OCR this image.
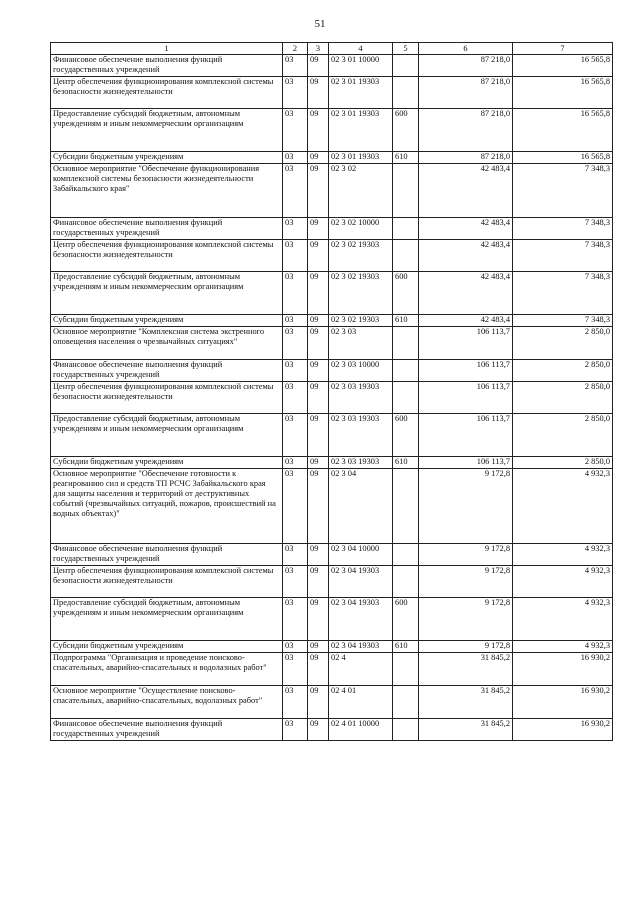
51
1	2	3	4	5	6	7
Финансовое обеспечение выполнения функций государственных учреждений	03	09	02 3 01 10000		87 218,0	16 565,8
Центр обеспечения функционирования комплексной системы безопасности жизнедеятельности	03	09	02 3 01 19303		87 218,0	16 565,8
Предоставление субсидий бюджетным, автономным учреждениям и иным некоммерческим организациям	03	09	02 3 01 19303	600	87 218,0	16 565,8
Субсидии бюджетным учреждениям	03	09	02 3 01 19303	610	87 218,0	16 565,8
Основное мероприятие "Обеспечение функционирования комплексной системы безопасности жизнедеятельности Забайкальского края"	03	09	02 3 02		42 483,4	7 348,3
Финансовое обеспечение выполнения функций государственных учреждений	03	09	02 3 02 10000		42 483,4	7 348,3
Центр обеспечения функционирования комплексной системы безопасности жизнедеятельности	03	09	02 3 02 19303		42 483,4	7 348,3
Предоставление субсидий бюджетным, автономным учреждениям и иным некоммерческим организациям	03	09	02 3 02 19303	600	42 483,4	7 348,3
Субсидии бюджетным учреждениям	03	09	02 3 02 19303	610	42 483,4	7 348,3
Основное мероприятие "Комплексная система экстренного оповещения населения о чрезвычайных ситуациях"	03	09	02 3 03		106 113,7	2 850,0
Финансовое обеспечение выполнения функций государственных учреждений	03	09	02 3 03 10000		106 113,7	2 850,0
Центр обеспечения функционирования комплексной системы безопасности жизнедеятельности	03	09	02 3 03 19303		106 113,7	2 850,0
Предоставление субсидий бюджетным, автономным учреждениям и иным некоммерческим организациям	03	09	02 3 03 19303	600	106 113,7	2 850,0
Субсидии бюджетным учреждениям	03	09	02 3 03 19303	610	106 113,7	2 850,0
Основное мероприятие "Обеспечение готовности к реагированию сил и средств ТП РСЧС Забайкальского края для защиты населения и территорий от деструктивных событий (чрезвычайных ситуаций, пожаров, происшествий на водных объектах)"	03	09	02 3 04		9 172,8	4 932,3
Финансовое обеспечение выполнения функций государственных учреждений	03	09	02 3 04 10000		9 172,8	4 932,3
Центр обеспечения функционирования комплексной системы безопасности жизнедеятельности	03	09	02 3 04 19303		9 172,8	4 932,3
Предоставление субсидий бюджетным, автономным учреждениям и иным некоммерческим организациям	03	09	02 3 04 19303	600	9 172,8	4 932,3
Субсидии бюджетным учреждениям	03	09	02 3 04 19303	610	9 172,8	4 932,3
Подпрограмма "Организация и проведение поисково-спасательных, аварийно-спасательных и водолазных работ"	03	09	02 4		31 845,2	16 930,2
Основное мероприятие "Осуществление поисково-спасательных, аварийно-спасательных, водолазных работ"	03	09	02 4 01		31 845,2	16 930,2
Финансовое обеспечение выполнения функций государственных учреждений	03	09	02 4 01 10000		31 845,2	16 930,2
